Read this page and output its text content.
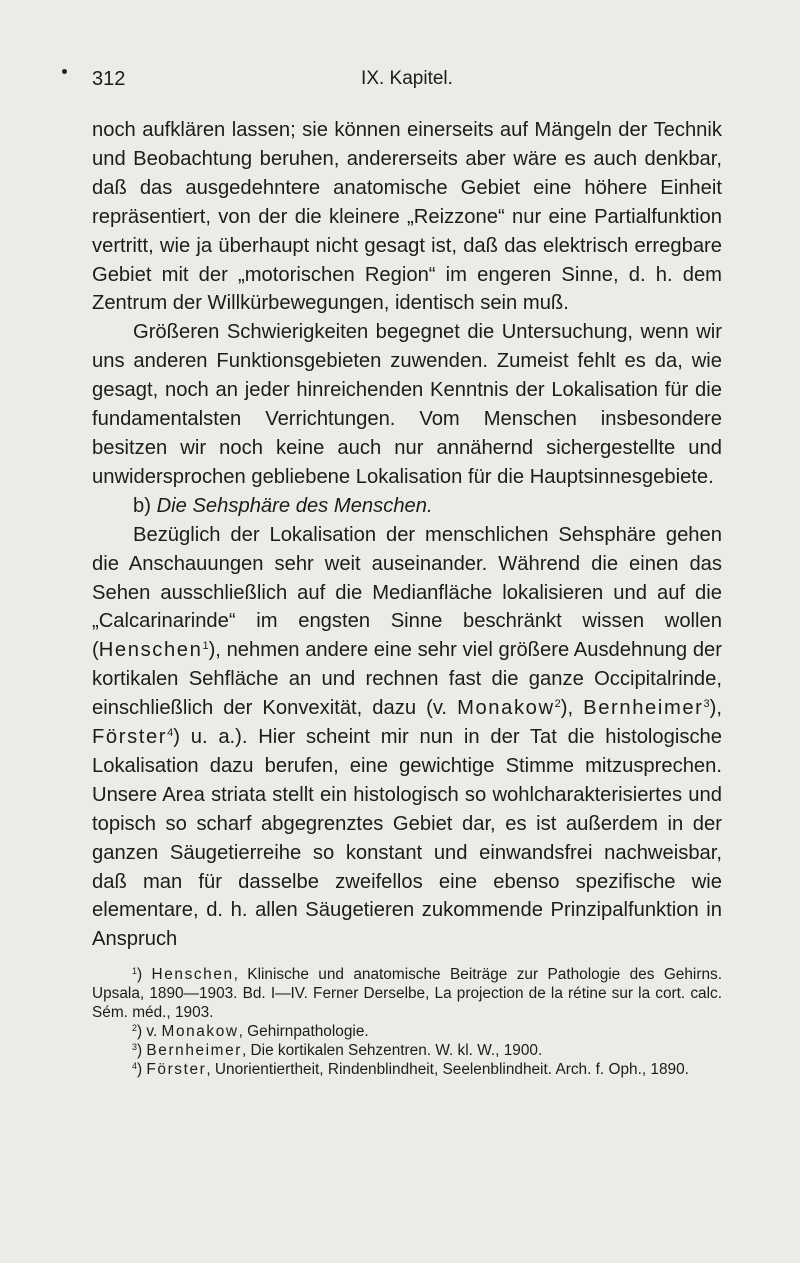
312	IX. Kapitel.

noch aufklären lassen; sie können einerseits auf Mängeln der Technik und Beobachtung beruhen, andererseits aber wäre es auch denkbar, daß das ausgedehntere anatomische Gebiet eine höhere Einheit repräsentiert, von der die kleinere „Reizzone“ nur eine Partialfunktion vertritt, wie ja überhaupt nicht gesagt ist, daß das elektrisch erregbare Gebiet mit der „motorischen Region“ im engeren Sinne, d. h. dem Zentrum der Willkürbewegungen, identisch sein muß.

Größeren Schwierigkeiten begegnet die Untersuchung, wenn wir uns anderen Funktionsgebieten zuwenden. Zumeist fehlt es da, wie gesagt, noch an jeder hinreichenden Kenntnis der Lokalisation für die fundamentalsten Verrichtungen. Vom Menschen insbesondere besitzen wir noch keine auch nur annähernd sichergestellte und unwidersprochen gebliebene Lokalisation für die Hauptsinnesgebiete.

b) Die Sehsphäre des Menschen.

Bezüglich der Lokalisation der menschlichen Sehsphäre gehen die Anschauungen sehr weit auseinander. Während die einen das Sehen ausschließlich auf die Medianfläche lokalisieren und auf die „Calcarinarinde“ im engsten Sinne beschränkt wissen wollen (Henschen$^1$), nehmen andere eine sehr viel größere Ausdehnung der kortikalen Sehfläche an und rechnen fast die ganze Occipitalrinde, einschließlich der Konvexität, dazu (v. Monakow$^2$), Bernheimer$^3$), Förster$^4$) u. a.). Hier scheint mir nun in der Tat die histologische Lokalisation dazu berufen, eine gewichtige Stimme mitzusprechen. Unsere Area striata stellt ein histologisch so wohlcharakterisiertes und topisch so scharf abgegrenztes Gebiet dar, es ist außerdem in der ganzen Säugetierreihe so konstant und einwandsfrei nachweisbar, daß man für dasselbe zweifellos eine ebenso spezifische wie elementare, d. h. allen Säugetieren zukommende Prinzipalfunktion in Anspruch

$^1$) Henschen, Klinische und anatomische Beiträge zur Pathologie des Gehirns. Upsala, 1890—1903. Bd. I—IV. Ferner Derselbe, La projection de la rétine sur la cort. calc. Sém. méd., 1903.

$^2$) v. Monakow, Gehirnpathologie.

$^3$) Bernheimer, Die kortikalen Sehzentren. W. kl. W., 1900.

$^4$) Förster, Unorientiertheit, Rindenblindheit, Seelenblindheit. Arch. f. Oph., 1890.
